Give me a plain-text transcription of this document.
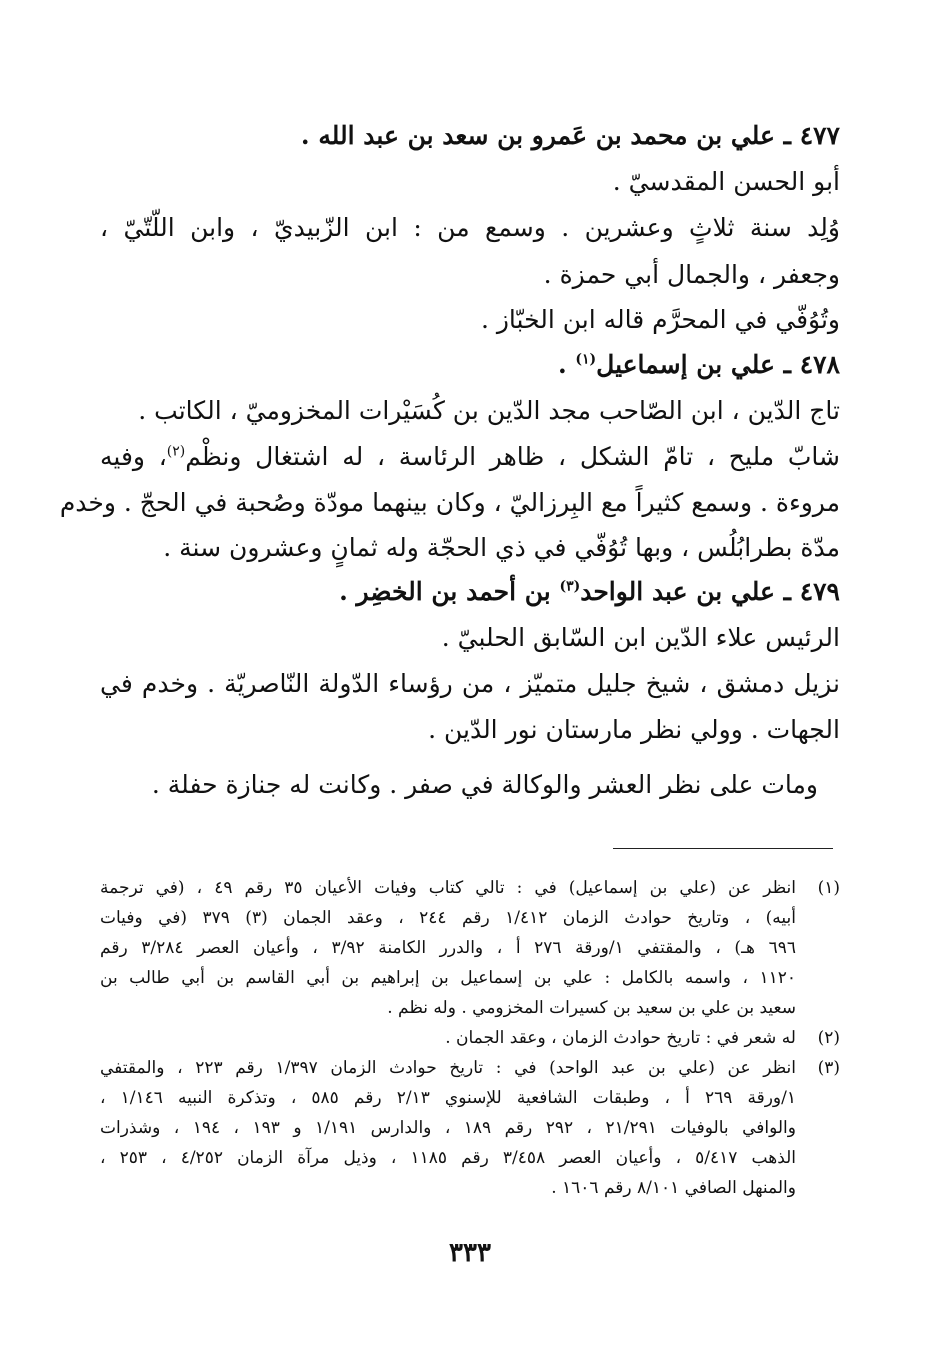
٤٧٧ ـ علي بن محمد بن عَمرو بن سعد بن عبد الله .
أبو الحسن المقدسيّ .
وُلِد سنة ثلاثٍ وعشرين . وسمع من : ابن الزّبيديّ ، وابن اللّتّيّ ،
وجعفر ، والجمال أبي حمزة .
وتُوُفّي في المحرَّم قاله ابن الخبّاز .
٤٧٨ ـ علي بن إسماعيل$^{(١)}$ .
تاج الدّين ، ابن الصّاحب مجد الدّين بن كُسَيْرات المخزوميّ ، الكاتب .
شابّ مليح ، تامّ الشكل ، ظاهر الرئاسة ، له اشتغال ونظْم$^{(٢)}$، وفيه
مروءة . وسمع كثيراً مع البِرزاليّ ، وكان بينهما مودّة وصُحبة في الحجّ . وخدم
مدّة بطرابُلُس ، وبها تُوُفّي في ذي الحجّة وله ثمانٍ وعشرون سنة .
٤٧٩ ـ علي بن عبد الواحد$^{(٣)}$ بن أحمد بن الخضِر .
الرئيس علاء الدّين ابن السّابق الحلبيّ .
نزيل دمشق ، شيخ جليل متميّز ، من رؤساء الدّولة النّاصريّة . وخدم في
الجهات . وولي نظر مارستان نور الدّين .
ومات على نظر العشر والوكالة في صفر . وكانت له جنازة حفلة .
(١)
انظر عن (علي بن إسماعيل) في : تالي كتاب وفيات الأعيان ٣٥ رقم ٤٩ ، (في ترجمة
أبيه) ، وتاريخ حوادث الزمان ١/٤١٢ رقم ٢٤٤ ، وعقد الجمان (٣) ٣٧٩ (في وفيات
٦٩٦ هـ) ، والمقتفي ١/ورقة ٢٧٦ أ ، والدرر الكامنة ٣/٩٢ ، وأعيان العصر ٣/٢٨٤ رقم
١١٢٠ ، واسمه بالكامل : علي بن إسماعيل بن إبراهيم بن أبي القاسم بن أبي طالب بن
سعيد بن علي بن سعيد بن كسيرات المخزومي . وله نظم .
(٢)
له شعر في : تاريخ حوادث الزمان ، وعقد الجمان .
(٣)
انظر عن (علي بن عبد الواحد) في : تاريخ حوادث الزمان ١/٣٩٧ رقم ٢٢٣ ، والمقتفي
١/ورقة ٢٦٩ أ ، وطبقات الشافعية للإسنوي ٢/١٣ رقم ٥٨٥ ، وتذكرة النبيه ١/١٤٦ ،
والوافي بالوفيات ٢١/٢٩١ ، ٢٩٢ رقم ١٨٩ ، والدارس ١/١٩١ و ١٩٣ ، ١٩٤ ، وشذرات
الذهب ٥/٤١٧ ، وأعيان العصر ٣/٤٥٨ رقم ١١٨٥ ، وذيل مرآة الزمان ٤/٢٥٢ ، ٢٥٣ ،
والمنهل الصافي ٨/١٠١ رقم ١٦٠٦ .
٣٣٣
